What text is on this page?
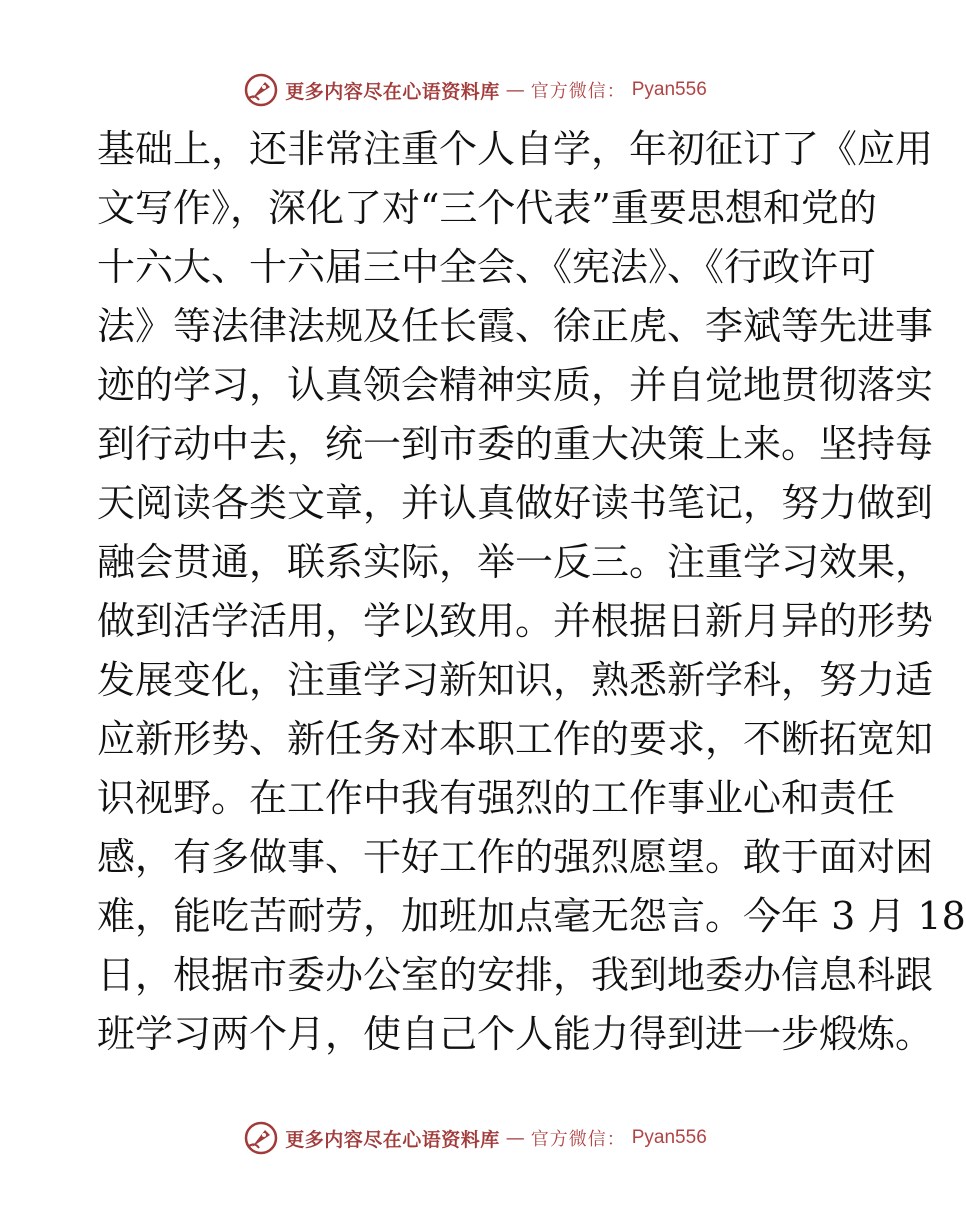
更多内容尽在心语资料库 — 官方微信： Pyan556
基础上，还非常注重个人自学，年初征订了《应用
文写作》，深化了对“三个代表”重要思想和党的
十六大、十六届三中全会、《宪法》、《行政许可
法》等法律法规及任长霞、徐正虎、李斌等先进事
迹的学习，认真领会精神实质，并自觉地贯彻落实
到行动中去，统一到市委的重大决策上来。坚持每
天阅读各类文章，并认真做好读书笔记，努力做到
融会贯通，联系实际，举一反三。注重学习效果，
做到活学活用，学以致用。并根据日新月异的形势
发展变化，注重学习新知识，熟悉新学科，努力适
应新形势、新任务对本职工作的要求，不断拓宽知
识视野。在工作中我有强烈的工作事业心和责任
感，有多做事、干好工作的强烈愿望。敢于面对困
难，能吃苦耐劳，加班加点毫无怨言。今年 3 月 18
日，根据市委办公室的安排，我到地委办信息科跟
班学习两个月，使自己个人能力得到进一步煅炼。
更多内容尽在心语资料库 — 官方微信： Pyan556
